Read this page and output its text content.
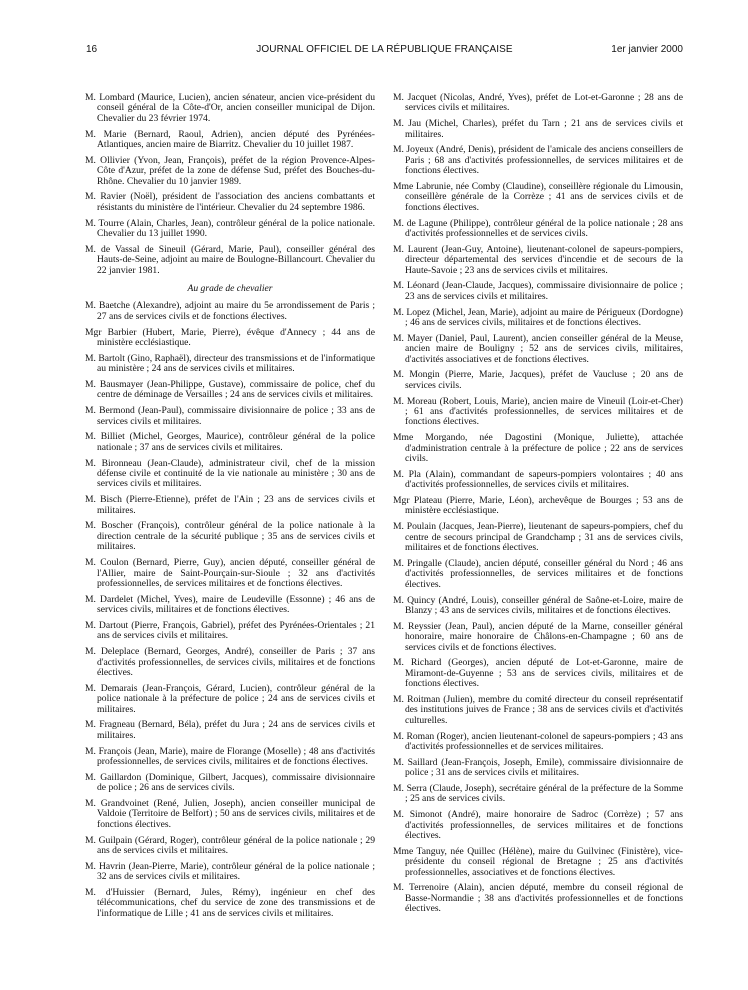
16	JOURNAL OFFICIEL DE LA RÉPUBLIQUE FRANÇAISE	1er janvier 2000

M. Lombard (Maurice, Lucien), ancien sénateur, ancien vice-président du conseil général de la Côte-d'Or, ancien conseiller municipal de Dijon. Chevalier du 23 février 1974.

M. Marie (Bernard, Raoul, Adrien), ancien député des Pyrénées-Atlantiques, ancien maire de Biarritz. Chevalier du 10 juillet 1987.

M. Ollivier (Yvon, Jean, François), préfet de la région Provence-Alpes-Côte d'Azur, préfet de la zone de défense Sud, préfet des Bouches-du-Rhône. Chevalier du 10 janvier 1989.

M. Ravier (Noël), président de l'association des anciens combattants et résistants du ministère de l'intérieur. Chevalier du 24 septembre 1986.

M. Tourre (Alain, Charles, Jean), contrôleur général de la police nationale. Chevalier du 13 juillet 1990.

M. de Vassal de Sineuil (Gérard, Marie, Paul), conseiller général des Hauts-de-Seine, adjoint au maire de Boulogne-Billancourt. Chevalier du 22 janvier 1981.

Au grade de chevalier

M. Baetche (Alexandre), adjoint au maire du 5e arrondissement de Paris ; 27 ans de services civils et de fonctions électives.

Mgr Barbier (Hubert, Marie, Pierre), évêque d'Annecy ; 44 ans de ministère ecclésiastique.

M. Bartolt (Gino, Raphaël), directeur des transmissions et de l'informatique au ministère ; 24 ans de services civils et militaires.

M. Bausmayer (Jean-Philippe, Gustave), commissaire de police, chef du centre de déminage de Versailles ; 24 ans de services civils et militaires.

M. Bermond (Jean-Paul), commissaire divisionnaire de police ; 33 ans de services civils et militaires.

M. Billiet (Michel, Georges, Maurice), contrôleur général de la police nationale ; 37 ans de services civils et militaires.

M. Bironneau (Jean-Claude), administrateur civil, chef de la mission défense civile et continuité de la vie nationale au ministère ; 30 ans de services civils et militaires.

M. Bisch (Pierre-Etienne), préfet de l'Ain ; 23 ans de services civils et militaires.

M. Boscher (François), contrôleur général de la police nationale à la direction centrale de la sécurité publique ; 35 ans de services civils et militaires.

M. Coulon (Bernard, Pierre, Guy), ancien député, conseiller général de l'Allier, maire de Saint-Pourçain-sur-Sioule ; 32 ans d'activités professionnelles, de services militaires et de fonctions électives.

M. Dardelet (Michel, Yves), maire de Leudeville (Essonne) ; 46 ans de services civils, militaires et de fonctions électives.

M. Dartout (Pierre, François, Gabriel), préfet des Pyrénées-Orientales ; 21 ans de services civils et militaires.

M. Deleplace (Bernard, Georges, André), conseiller de Paris ; 37 ans d'activités professionnelles, de services civils, militaires et de fonctions électives.

M. Demarais (Jean-François, Gérard, Lucien), contrôleur général de la police nationale à la préfecture de police ; 24 ans de services civils et militaires.

M. Fragneau (Bernard, Béla), préfet du Jura ; 24 ans de services civils et militaires.

M. François (Jean, Marie), maire de Florange (Moselle) ; 48 ans d'activités professionnelles, de services civils, militaires et de fonctions électives.

M. Gaillardon (Dominique, Gilbert, Jacques), commissaire divisionnaire de police ; 26 ans de services civils.

M. Grandvoinet (René, Julien, Joseph), ancien conseiller municipal de Valdoie (Territoire de Belfort) ; 50 ans de services civils, militaires et de fonctions électives.

M. Guilpain (Gérard, Roger), contrôleur général de la police nationale ; 29 ans de services civils et militaires.

M. Havrin (Jean-Pierre, Marie), contrôleur général de la police nationale ; 32 ans de services civils et militaires.

M. d'Huissier (Bernard, Jules, Rémy), ingénieur en chef des télécommunications, chef du service de zone des transmissions et de l'informatique de Lille ; 41 ans de services civils et militaires.

M. Jacquet (Nicolas, André, Yves), préfet de Lot-et-Garonne ; 28 ans de services civils et militaires.

M. Jau (Michel, Charles), préfet du Tarn ; 21 ans de services civils et militaires.

M. Joyeux (André, Denis), président de l'amicale des anciens conseillers de Paris ; 68 ans d'activités professionnelles, de services militaires et de fonctions électives.

Mme Labrunie, née Comby (Claudine), conseillère régionale du Limousin, conseillère générale de la Corrèze ; 41 ans de services civils et de fonctions électives.

M. de Lagune (Philippe), contrôleur général de la police nationale ; 28 ans d'activités professionnelles et de services civils.

M. Laurent (Jean-Guy, Antoine), lieutenant-colonel de sapeurs-pompiers, directeur départemental des services d'incendie et de secours de la Haute-Savoie ; 23 ans de services civils et militaires.

M. Léonard (Jean-Claude, Jacques), commissaire divisionnaire de police ; 23 ans de services civils et militaires.

M. Lopez (Michel, Jean, Marie), adjoint au maire de Périgueux (Dordogne) ; 46 ans de services civils, militaires et de fonctions électives.

M. Mayer (Daniel, Paul, Laurent), ancien conseiller général de la Meuse, ancien maire de Bouligny ; 52 ans de services civils, militaires, d'activités associatives et de fonctions électives.

M. Mongin (Pierre, Marie, Jacques), préfet de Vaucluse ; 20 ans de services civils.

M. Moreau (Robert, Louis, Marie), ancien maire de Vineuil (Loir-et-Cher) ; 61 ans d'activités professionnelles, de services militaires et de fonctions électives.

Mme Morgando, née Dagostini (Monique, Juliette), attachée d'administration centrale à la préfecture de police ; 22 ans de services civils.

M. Pla (Alain), commandant de sapeurs-pompiers volontaires ; 40 ans d'activités professionnelles, de services civils et militaires.

Mgr Plateau (Pierre, Marie, Léon), archevêque de Bourges ; 53 ans de ministère ecclésiastique.

M. Poulain (Jacques, Jean-Pierre), lieutenant de sapeurs-pompiers, chef du centre de secours principal de Grandchamp ; 31 ans de services civils, militaires et de fonctions électives.

M. Pringalle (Claude), ancien député, conseiller général du Nord ; 46 ans d'activités professionnelles, de services militaires et de fonctions électives.

M. Quincy (André, Louis), conseiller général de Saône-et-Loire, maire de Blanzy ; 43 ans de services civils, militaires et de fonctions électives.

M. Reyssier (Jean, Paul), ancien député de la Marne, conseiller général honoraire, maire honoraire de Châlons-en-Champagne ; 60 ans de services civils et de fonctions électives.

M. Richard (Georges), ancien député de Lot-et-Garonne, maire de Miramont-de-Guyenne ; 53 ans de services civils, militaires et de fonctions électives.

M. Roitman (Julien), membre du comité directeur du conseil représentatif des institutions juives de France ; 38 ans de services civils et d'activités culturelles.

M. Roman (Roger), ancien lieutenant-colonel de sapeurs-pompiers ; 43 ans d'activités professionnelles et de services militaires.

M. Saillard (Jean-François, Joseph, Emile), commissaire divisionnaire de police ; 31 ans de services civils et militaires.

M. Serra (Claude, Joseph), secrétaire général de la préfecture de la Somme ; 25 ans de services civils.

M. Simonot (André), maire honoraire de Sadroc (Corrèze) ; 57 ans d'activités professionnelles, de services militaires et de fonctions électives.

Mme Tanguy, née Quillec (Hélène), maire du Guilvinec (Finistère), vice-présidente du conseil régional de Bretagne ; 25 ans d'activités professionnelles, associatives et de fonctions électives.

M. Terrenoire (Alain), ancien député, membre du conseil régional de Basse-Normandie ; 38 ans d'activités professionnelles et de fonctions électives.
